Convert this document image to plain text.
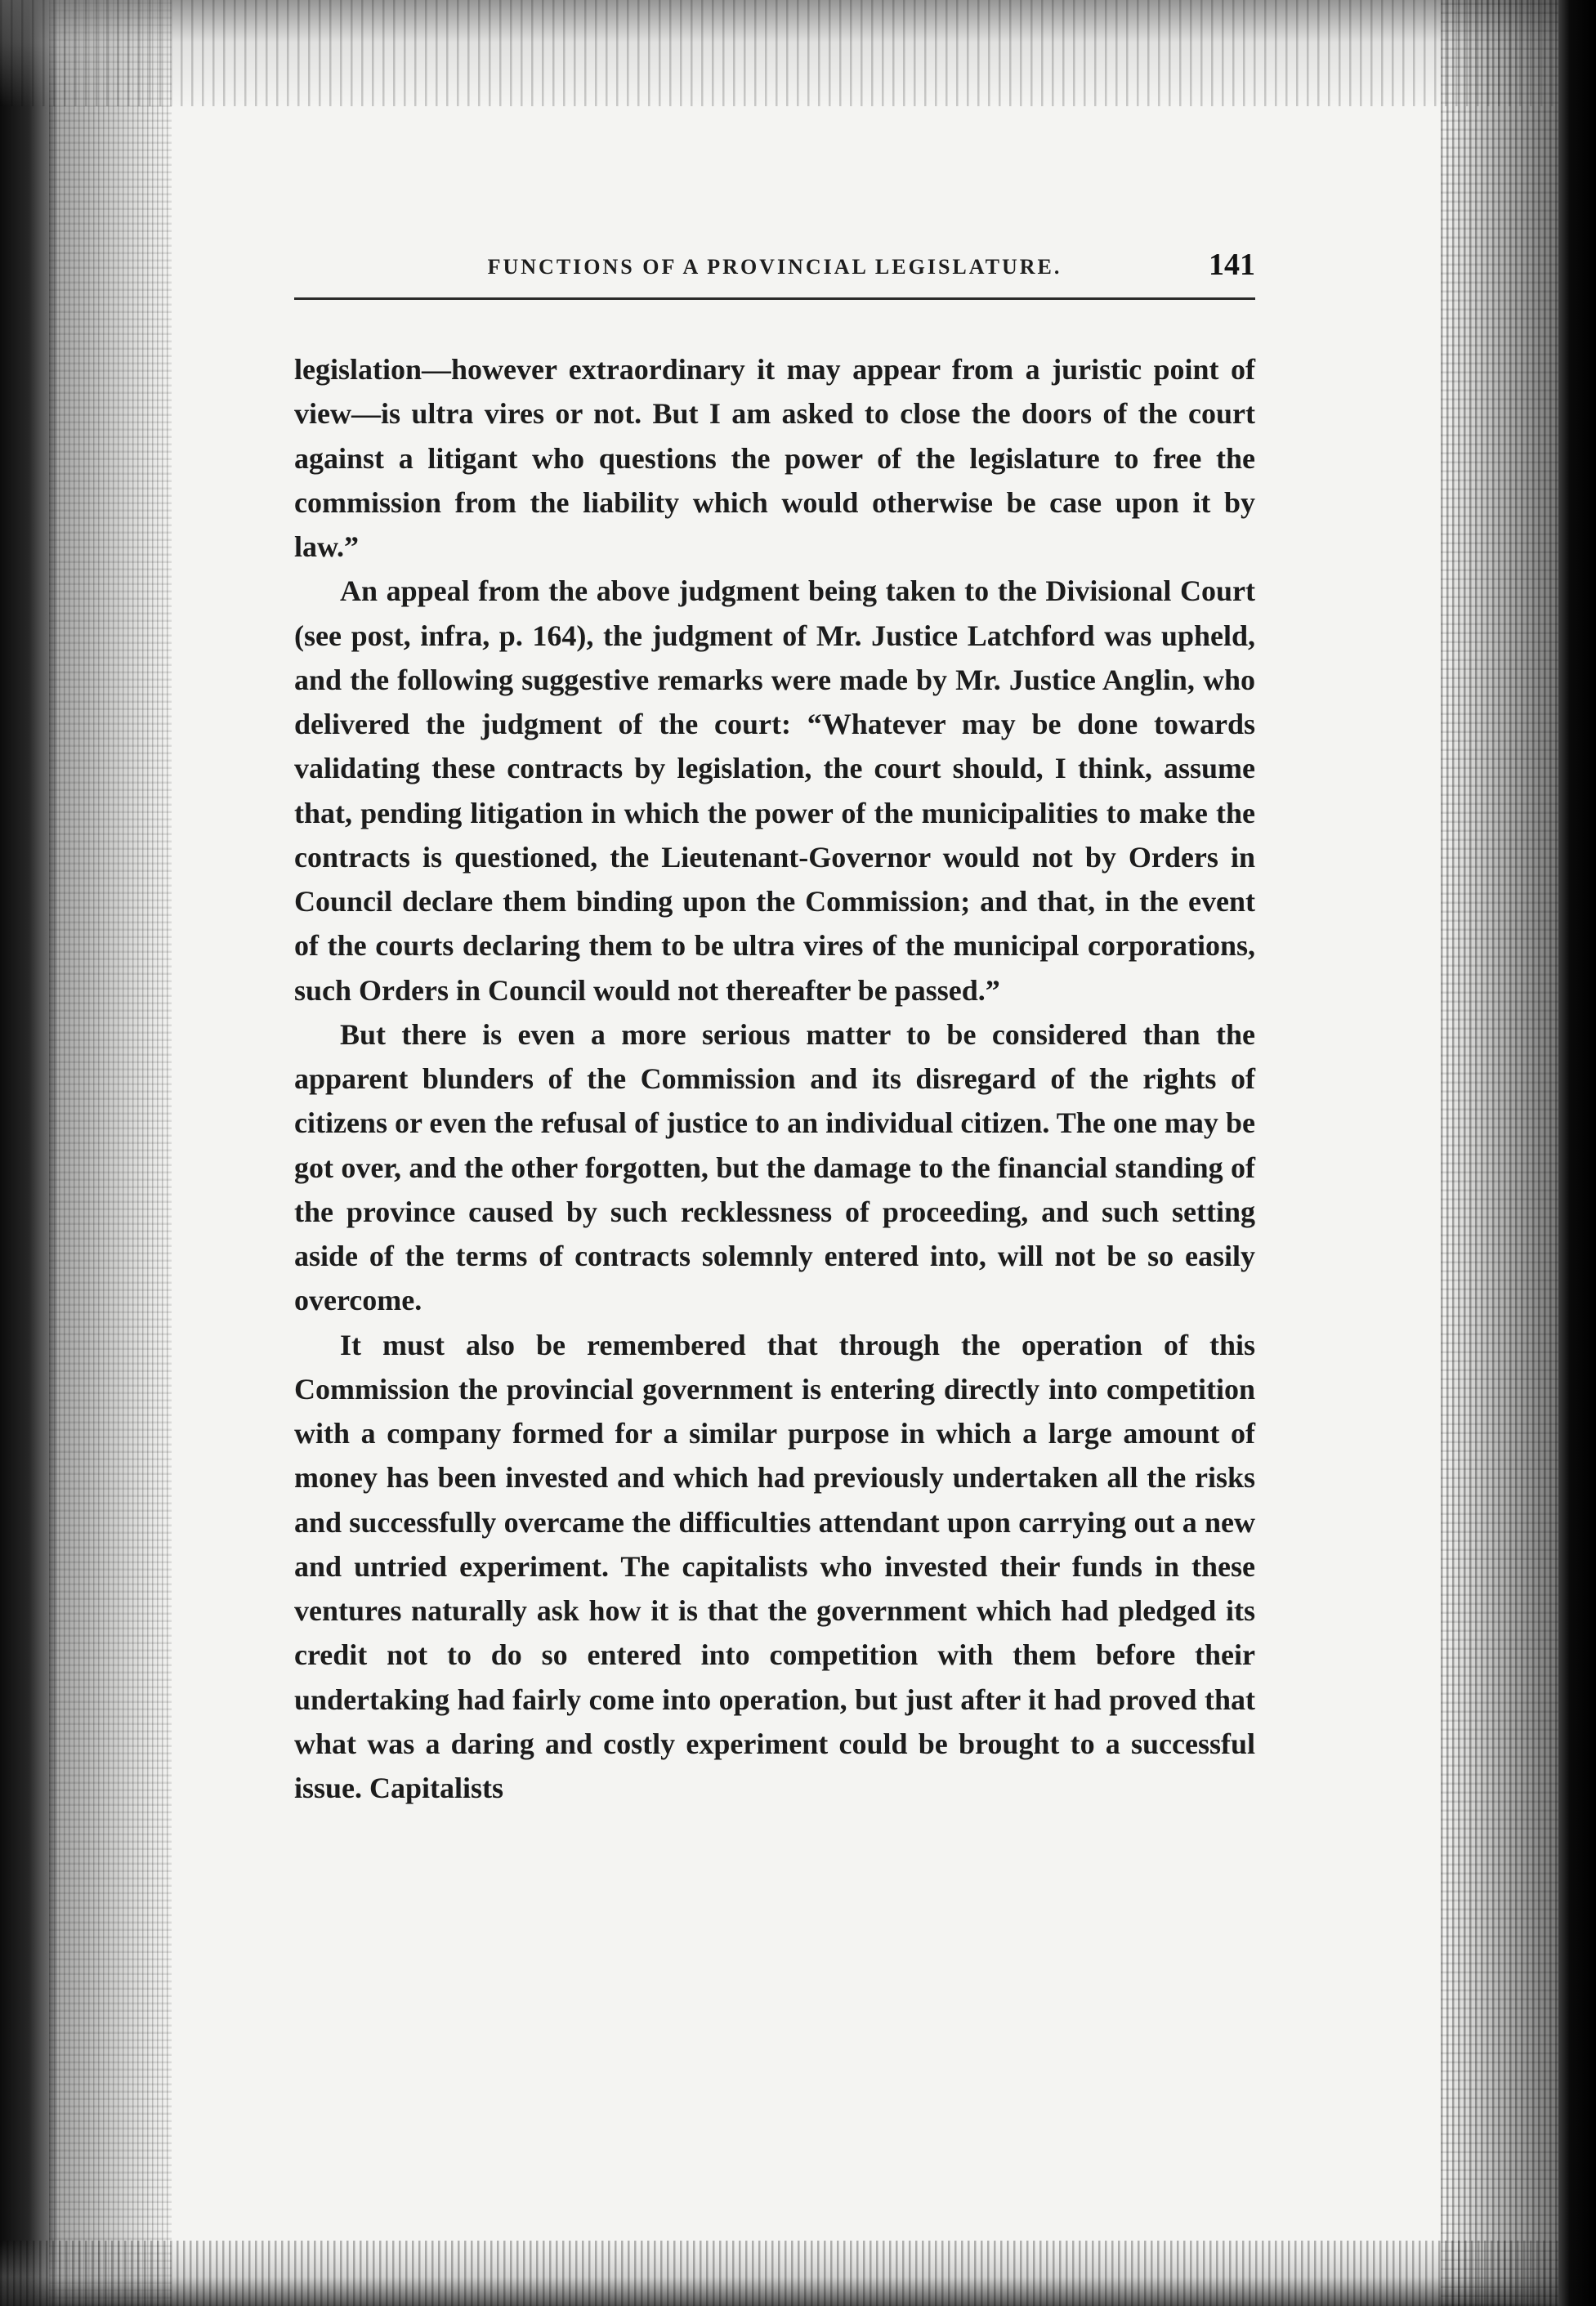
FUNCTIONS OF A PROVINCIAL LEGISLATURE.	141

legislation—however extraordinary it may appear from a juristic point of view—is ultra vires or not. But I am asked to close the doors of the court against a litigant who questions the power of the legislature to free the commission from the liability which would otherwise be case upon it by law.”

An appeal from the above judgment being taken to the Divisional Court (see post, infra, p. 164), the judgment of Mr. Justice Latchford was upheld, and the following suggestive remarks were made by Mr. Justice Anglin, who delivered the judgment of the court: “Whatever may be done towards validating these contracts by legislation, the court should, I think, assume that, pending litigation in which the power of the municipalities to make the contracts is questioned, the Lieutenant-Governor would not by Orders in Council declare them binding upon the Commission; and that, in the event of the courts declaring them to be ultra vires of the municipal corporations, such Orders in Council would not thereafter be passed.”

But there is even a more serious matter to be considered than the apparent blunders of the Commission and its disregard of the rights of citizens or even the refusal of justice to an individual citizen. The one may be got over, and the other forgotten, but the damage to the financial standing of the province caused by such recklessness of proceeding, and such setting aside of the terms of contracts solemnly entered into, will not be so easily overcome.

It must also be remembered that through the operation of this Commission the provincial government is entering directly into competition with a company formed for a similar purpose in which a large amount of money has been invested and which had previously undertaken all the risks and successfully overcame the difficulties attendant upon carrying out a new and untried experiment. The capitalists who invested their funds in these ventures naturally ask how it is that the government which had pledged its credit not to do so entered into competition with them before their undertaking had fairly come into operation, but just after it had proved that what was a daring and costly experiment could be brought to a successful issue. Capitalists
